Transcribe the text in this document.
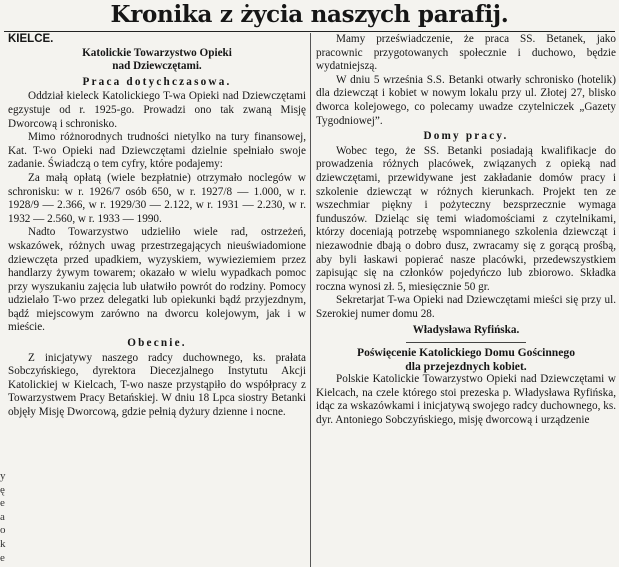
Kronika z życia naszych parafij.
y
ę
e
a
o
k
e

KIELCE.

Katolickie Towarzystwo Opieki

nad Dziewczętami.

Praca dotychczasowa.

Oddział kieleck Katolickiego T-wa Opieki nad Dziewczętami egzystuje od r. 1925-go. Prowadzi ono tak zwaną Misję Dworcową i schronisko.

Mimo różnorodnych trudności nietylko na tury finansowej, Kat. T-wo Opieki nad Dziewczętami dzielnie spełniało swoje zadanie. Świadczą o tem cyfry, które podajemy:

Za małą opłatą (wiele bezpłatnie) otrzymało noclegów w schronisku: w r. 1926/7 osób 650, w r. 1927/8 — 1.000, w r. 1928/9 — 2.366, w r. 1929/30 — 2.122, w r. 1931 — 2.230, w r. 1932 — 2.560, w r. 1933 — 1990.

Nadto Towarzystwo udzieliło wiele rad, ostrzeżeń, wskazówek, różnych uwag przestrzegających nieuświadomione dziewczęta przed upadkiem, wyzyskiem, wywieziemiem przez handlarzy żywym towarem; okazało w wielu wypadkach pomoc przy wyszukaniu zajęcia lub ułatwiło powrót do rodziny. Pomocy udzielało T-wo przez delegatki lub opiekunki bądź przyjezdnym, bądź miejscowym zarówno na dworcu kolejowym, jak i w mieście.

Obecnie.

Z inicjatywy naszego radcy duchownego, ks. prałata Sobczyńskiego, dyrektora Diecezjalnego Instytutu Akcji Katolickiej w Kielcach, T-wo nasze przystąpiło do współpracy z Towarzystwem Pracy Betańskiej. W dniu 18 Lpca siostry Betanki objęły Misję Dworcową, gdzie pełnią dyżury dzienne i nocne.

Mamy przeświadczenie, że praca SS. Betanek, jako pracownic przygotowanych społecznie i duchowo, będzie wydatniejszą.

W dniu 5 września S.S. Betanki otwarły schronisko (hotelik) dla dziewcząt i kobiet w nowym lokalu przy ul. Złotej 27, blisko dworca kolejowego, co polecamy uwadze czytelniczek „Gazety Tygodniowej”.

Domy pracy.

Wobec tego, że SS. Betanki posiadają kwalifikacje do prowadzenia różnych placówek, związanych z opieką nad dziewczętami, przewidywane jest zakładanie domów pracy i szkolenie dziewcząt w różnych kierunkach. Projekt ten ze wszechmiar piękny i pożyteczny bezsprzecznie wymaga funduszów. Dzieląc się temi wiadomościami z czytelnikami, którzy doceniają potrzebę wspomnianego szkolenia dziewcząt i niezawodnie dbają o dobro dusz, zwracamy się z gorącą prośbą, aby byli łaskawi popierać nasze placówki, przedewszystkiem zapisując się na członków pojedyńczo lub zbiorowo. Składka roczna wynosi zł. 5, miesięcznie 50 gr.

Sekretarjat T-wa Opieki nad Dziewczętami mieści się przy ul. Szerokiej numer domu 28.

Władysława Ryfińska.

Poświęcenie Katolickiego Domu Gościnnego

dla przejezdnych kobiet.

Polskie Katolickie Towarzystwo Opieki nad Dziewczętami w Kielcach, na czele którego stoi prezeska p. Władysława Ryfińska, idąc za wskazówkami i inicjatywą swojego radcy duchownego, ks. dyr. Antoniego Sobczyńskiego, misję dworcową i urządzenie
